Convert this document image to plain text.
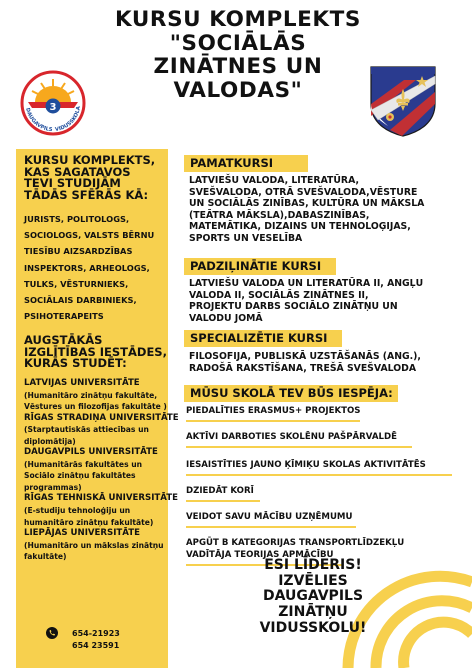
KURSU KOMPLEKTS
"SOCIĀLĀS
ZINĀTNES UN
VALODAS"
3
DAUGAVPILS VIDUSSKOLA
KURSU KOMPLEKTS,
KAS SAGATAVOS
TEVI STUDIJĀM
TĀDĀS SFĒRĀS KĀ:
JURISTS, POLITOLOGS,
SOCIOLOGS, VALSTS BĒRNU
TIESĪBU AIZSARDZĪBAS
INSPEKTORS, ARHEOLOGS,
TULKS, VĒSTURNIEKS,
SOCIĀLAIS DARBINIEKS,
PSIHOTERAPEITS
AUGSTĀKĀS
IZGLĪTĪBAS IESTĀDES,
KURĀS STUDĒT:
LATVIJAS UNIVERSITĀTE
(Humanitāro zinātņu fakultāte,
Vēstures un filozofijas fakultāte )
RĪGAS STRADIŅA UNIVERSITĀTE
(Starptautiskās attiecības un
diplomātija)
DAUGAVPILS UNIVERSITĀTE
(Humanitārās fakultātes un
Sociālo zinātņu fakultātes
programmas)
RĪGAS TEHNISKĀ UNIVERSITĀTE
(E-studiju tehnoloģiju un
humanitāro zinātņu fakultāte)
LIEPĀJAS UNIVERSITĀTE
(Humanitāro un mākslas zinātņu
fakultāte)
654-21923
654 23591
PAMATKURSI
LATVIEŠU VALODA, LITERATŪRA,
SVEŠVALODA, OTRĀ SVEŠVALODA,VĒSTURE
UN SOCIĀLĀS ZINĪBAS, KULTŪRA UN MĀKSLA
(TEĀTRA MĀKSLA),DABASZINĪBAS,
MATEMĀTIKA, DIZAINS UN TEHNOLOĢIJAS,
SPORTS UN VESELĪBA
PADZIĻINĀTIE KURSI
LATVIEŠU VALODA UN LITERATŪRA II, ANGĻU
VALODA II, SOCIĀLĀS ZINĀTNES II,
PROJEKTU DARBS SOCIĀLO ZINĀTŅU UN
VALODU JOMĀ
SPECIALIZĒTIE KURSI
FILOSOFIJA, PUBLISKĀ UZSTĀŠANĀS (ANG.),
RADOŠĀ RAKSTĪŠANA, TREŠĀ SVEŠVALODA
MŪSU SKOLĀ TEV BŪS IESPĒJA:
PIEDALĪTIES ERASMUS+ PROJEKTOS
AKTĪVI DARBOTIES SKOLĒNU PAŠPĀRVALDĒ
IESAISTĪTIES JAUNO ĶĪMIĶU SKOLAS AKTIVITĀTĒS
DZIEDĀT KORĪ
VEIDOT SAVU MĀCĪBU UZŅĒMUMU
APGŪT B KATEGORIJAS TRANSPORTLĪDZEKĻU
VADĪTĀJA TEORIJAS APMĀCĪBU
ESI LĪDERIS!
IZVĒLIES
DAUGAVPILS
ZINĀTŅU
VIDUSSKOLU!
